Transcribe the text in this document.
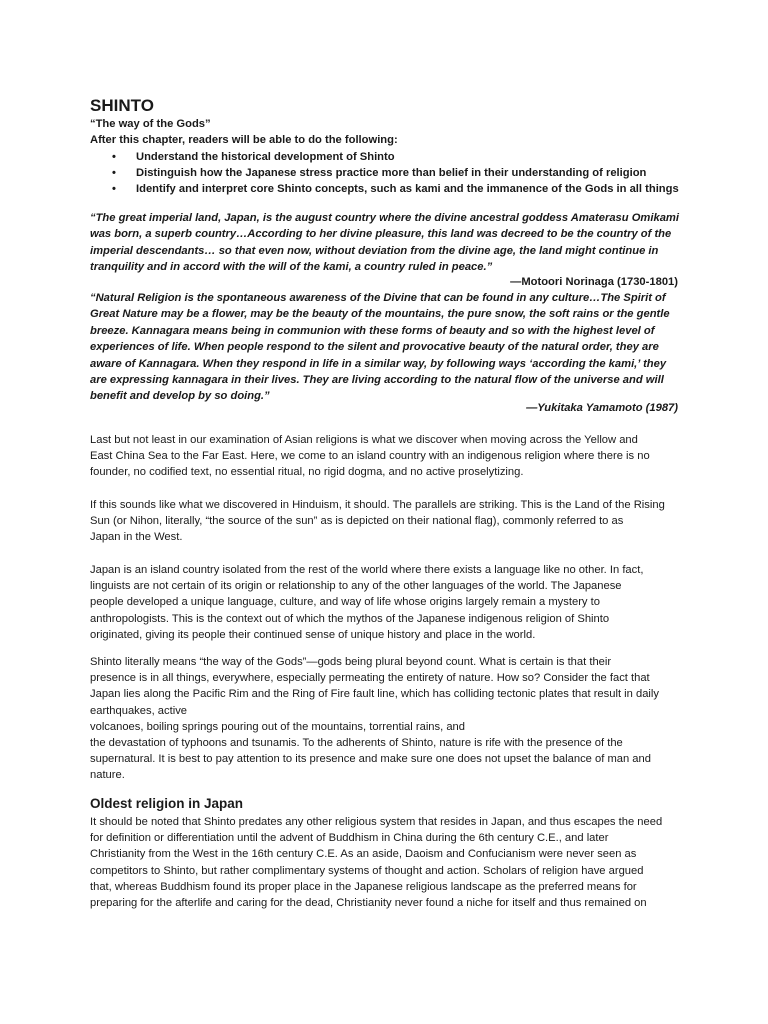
SHINTO
“The way of the Gods”
After this chapter, readers will be able to do the following:
• Understand the historical development of Shinto
• Distinguish how the Japanese stress practice more than belief in their understanding of religion
• Identify and interpret core Shinto concepts, such as kami and the immanence of the Gods in all things
“The great imperial land, Japan, is the august country where the divine ancestral goddess Amaterasu Omikami
was born, a superb country…According to her divine pleasure, this land was decreed to be the country of the
imperial descendants… so that even now, without deviation from the divine age, the land might continue in
tranquility and in accord with the will of the kami, a country ruled in peace.”
—Motoori Norinaga (1730-1801)
“Natural Religion is the spontaneous awareness of the Divine that can be found in any culture…The Spirit of
Great Nature may be a flower, may be the beauty of the mountains, the pure snow, the soft rains or the gentle
breeze. Kannagara means being in communion with these forms of beauty and so with the highest level of
experiences of life. When people respond to the silent and provocative beauty of the natural order, they are
aware of Kannagara. When they respond in life in a similar way, by following ways ‘according the kami,’ they
are expressing kannagara in their lives. They are living according to the natural flow of the universe and will
benefit and develop by so doing.”
—Yukitaka Yamamoto (1987)

Last but not least in our examination of Asian religions is what we discover when moving across the Yellow and
East China Sea to the Far East. Here, we come to an island country with an indigenous religion where there is no
founder, no codified text, no essential ritual, no rigid dogma, and no active proselytizing.

If this sounds like what we discovered in Hinduism, it should. The parallels are striking. This is the Land of the Rising
Sun (or Nihon, literally, “the source of the sun” as is depicted on their national flag), commonly referred to as
Japan in the West.

Japan is an island country isolated from the rest of the world where there exists a language like no other. In fact,
linguists are not certain of its origin or relationship to any of the other languages of the world. The Japanese
people developed a unique language, culture, and way of life whose origins largely remain a mystery to
anthropologists. This is the context out of which the mythos of the Japanese indigenous religion of Shinto
originated, giving its people their continued sense of unique history and place in the world.

Shinto literally means “the way of the Gods”—gods being plural beyond count. What is certain is that their
presence is in all things, everywhere, especially permeating the entirety of nature. How so? Consider the fact that
Japan lies along the Pacific Rim and the Ring of Fire fault line, which has colliding tectonic plates that result in daily
earthquakes, active
volcanoes, boiling springs pouring out of the mountains, torrential rains, and
the devastation of typhoons and tsunamis. To the adherents of Shinto, nature is rife with the presence of the
supernatural. It is best to pay attention to its presence and make sure one does not upset the balance of man and
nature.

Oldest religion in Japan

It should be noted that Shinto predates any other religious system that resides in Japan, and thus escapes the need
for definition or differentiation until the advent of Buddhism in China during the 6th century C.E., and later
Christianity from the West in the 16th century C.E. As an aside, Daoism and Confucianism were never seen as
competitors to Shinto, but rather complimentary systems of thought and action. Scholars of religion have argued
that, whereas Buddhism found its proper place in the Japanese religious landscape as the preferred means for
preparing for the afterlife and caring for the dead, Christianity never found a niche for itself and thus remained on
